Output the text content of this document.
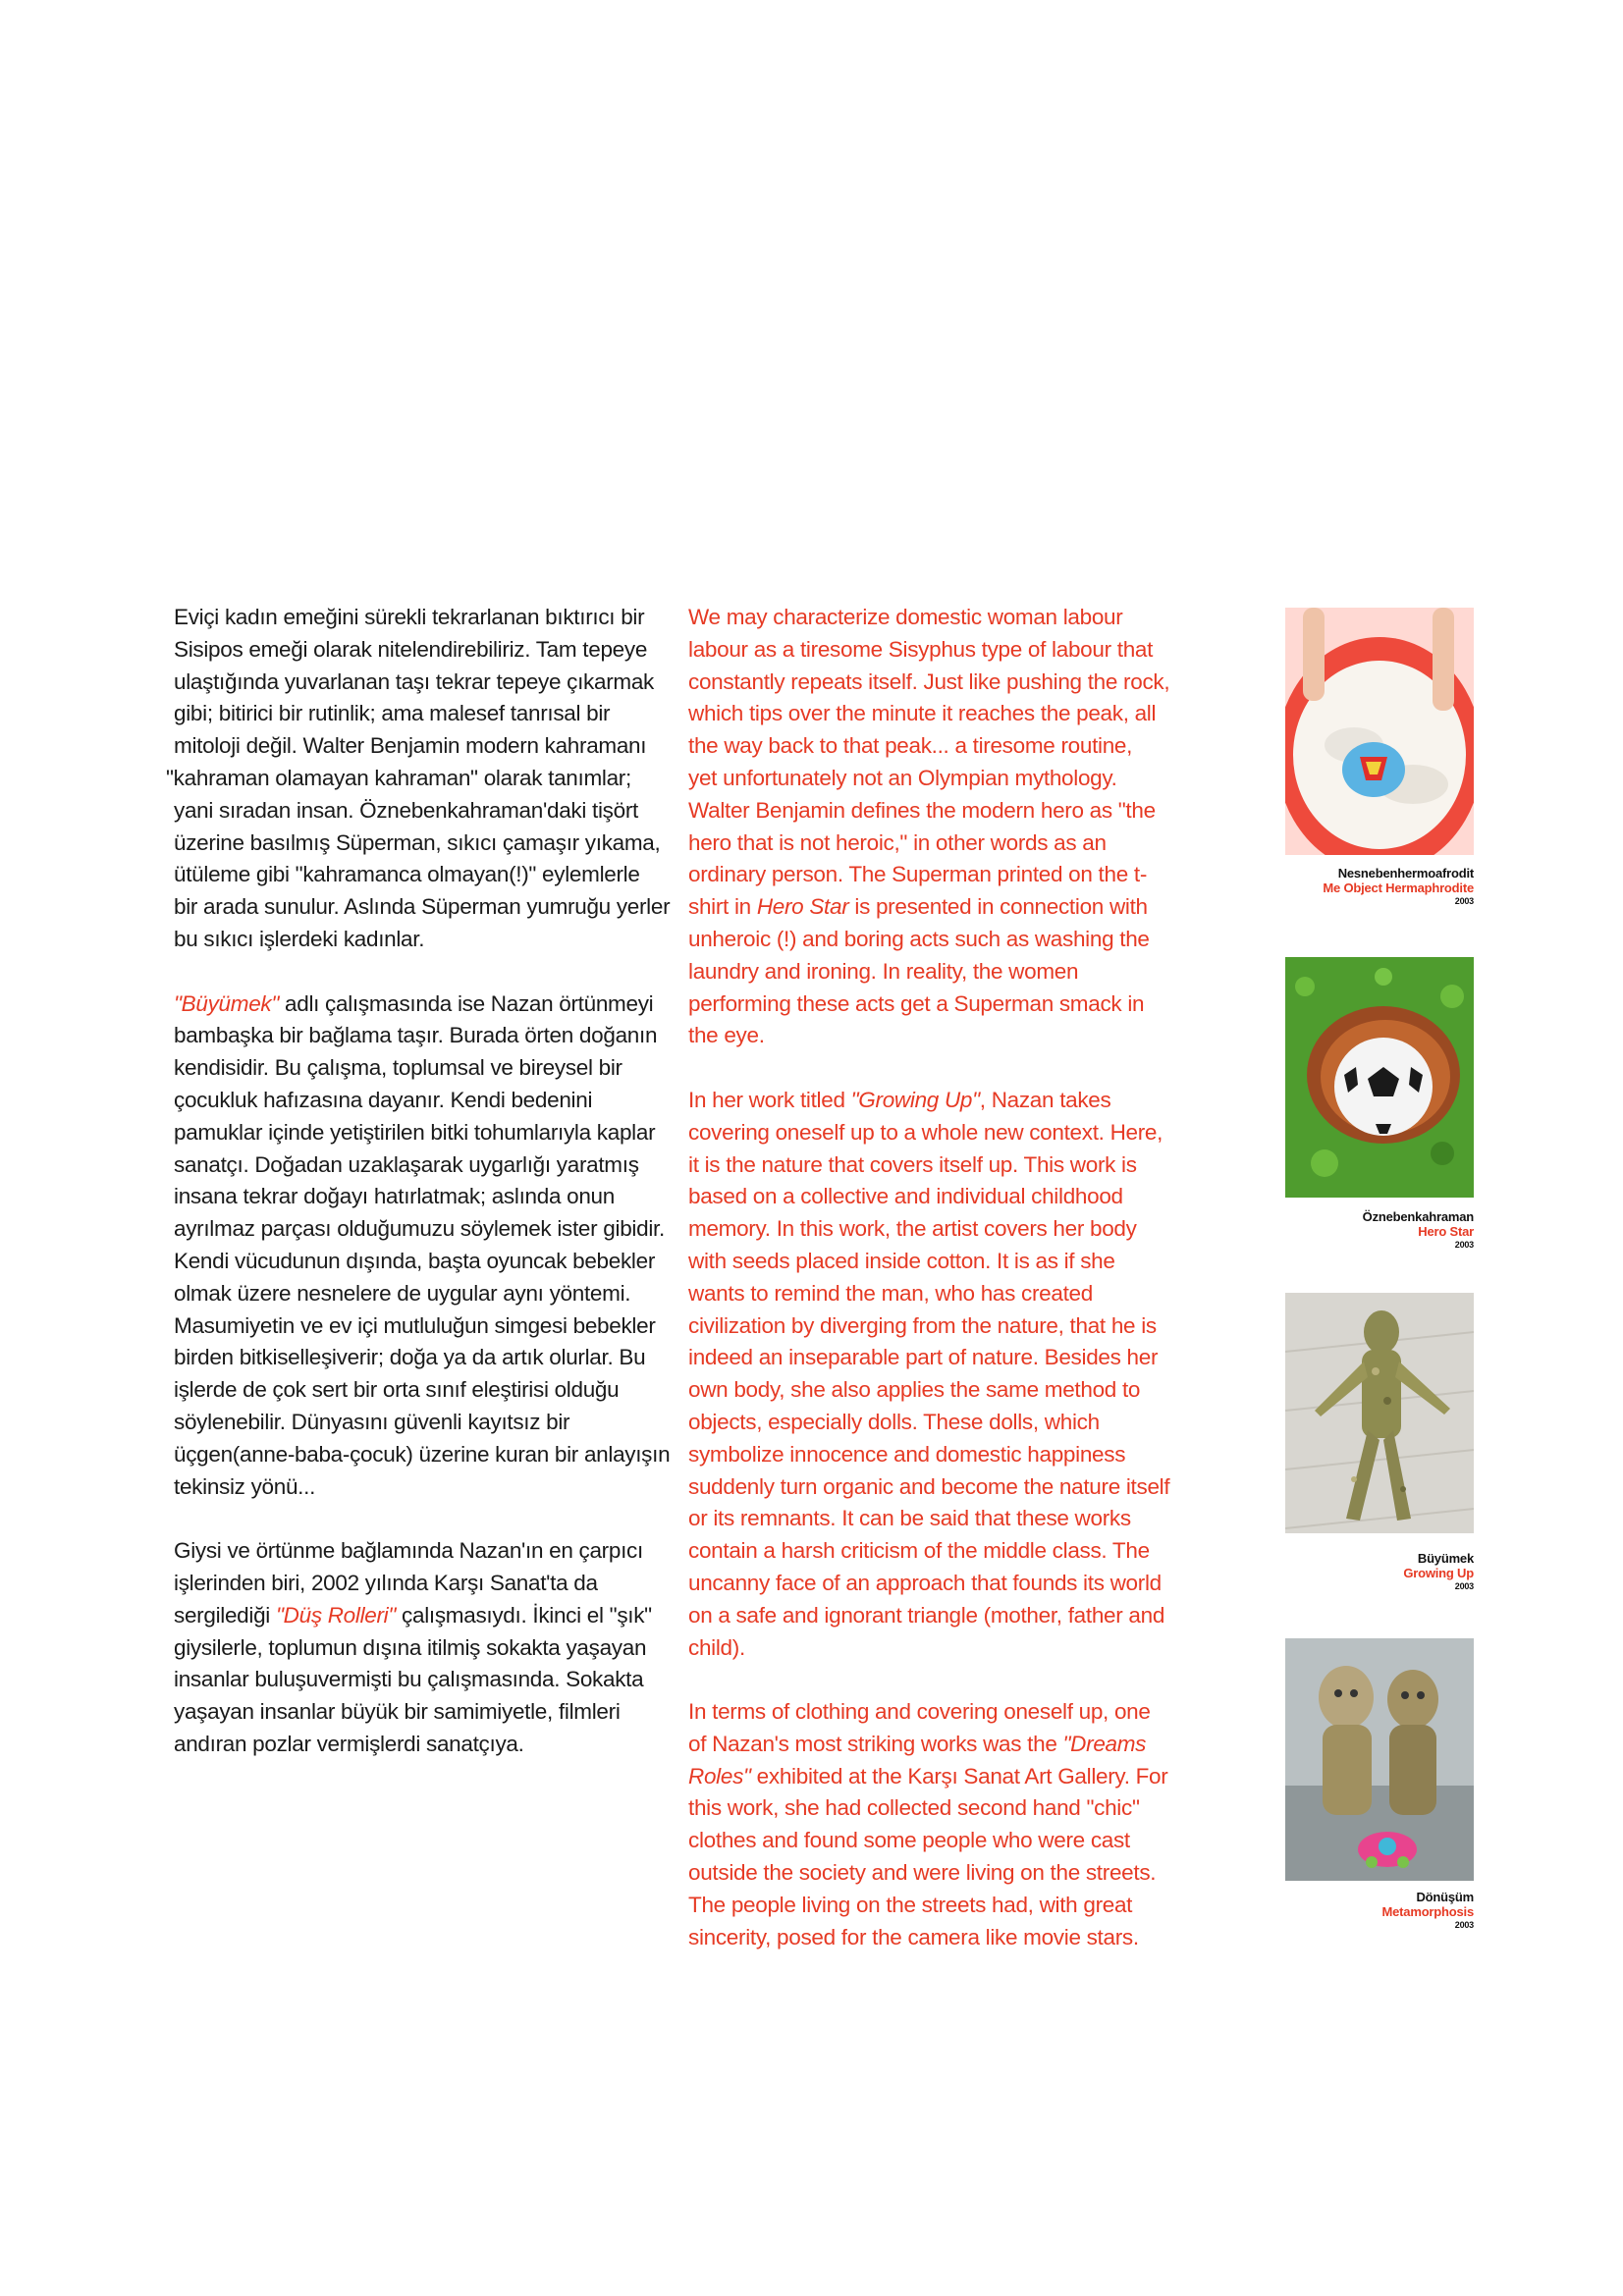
Eviçi kadın emeğini sürekli tekrarlanan bıktırıcı bir

Sisipos emeği olarak nitelendirebiliriz. Tam tepeye

ulaştığında yuvarlanan taşı tekrar tepeye çıkarmak

gibi; bitirici bir rutinlik; ama malesef tanrısal bir

mitoloji değil. Walter Benjamin modern kahramanı

"kahraman olamayan kahraman" olarak tanımlar;

yani sıradan insan. Öznebenkahraman'daki tişört

üzerine basılmış Süperman, sıkıcı çamaşır yıkama,

ütüleme gibi "kahramanca olmayan(!)" eylemlerle

bir arada sunulur. Aslında Süperman yumruğu yerler

bu sıkıcı işlerdeki kadınlar.

"Büyümek" adlı çalışmasında ise Nazan örtünmeyi

bambaşka bir bağlama taşır. Burada örten doğanın

kendisidir. Bu çalışma, toplumsal ve bireysel bir

çocukluk hafızasına dayanır. Kendi bedenini

pamuklar içinde yetiştirilen bitki tohumlarıyla kaplar

sanatçı. Doğadan uzaklaşarak uygarlığı yaratmış

insana tekrar doğayı hatırlatmak; aslında onun

ayrılmaz parçası olduğumuzu söylemek ister gibidir.

Kendi vücudunun dışında, başta oyuncak bebekler

olmak üzere nesnelere de uygular aynı yöntemi.

Masumiyetin ve ev içi mutluluğun simgesi bebekler

birden bitkiselleşiverir; doğa ya da artık olurlar. Bu

işlerde de çok sert bir orta sınıf eleştirisi olduğu

söylenebilir. Dünyasını güvenli kayıtsız bir

üçgen(anne-baba-çocuk) üzerine kuran bir anlayışın

tekinsiz yönü...

Giysi ve örtünme bağlamında Nazan'ın en çarpıcı

işlerinden biri, 2002 yılında Karşı Sanat'ta da

sergilediği "Düş Rolleri" çalışmasıydı. İkinci el "şık"

giysilerle, toplumun dışına itilmiş sokakta yaşayan

insanlar buluşuvermişti bu çalışmasında. Sokakta

yaşayan insanlar büyük bir samimiyetle, filmleri

andıran pozlar vermişlerdi sanatçıya.

We may characterize domestic woman labour

labour as a tiresome Sisyphus type of labour that

constantly repeats itself. Just like pushing the rock,

which tips over the minute it reaches the peak, all

the way back to that peak... a tiresome routine,

yet unfortunately not an Olympian mythology.

Walter Benjamin defines the modern hero as "the

hero that is not heroic," in other words as an

ordinary person. The Superman printed on the t-

shirt in Hero Star is presented in connection with

unheroic (!) and boring acts such as washing the

laundry and ironing. In reality, the women

performing these acts get a Superman smack in

the eye.

In her work titled "Growing Up", Nazan takes

covering oneself up to a whole new context. Here,

it is the nature that covers itself up. This work is

based on a collective and individual childhood

memory. In this work, the artist covers her body

with seeds placed inside cotton. It is as if she

wants to remind the man, who has created

civilization by diverging from the nature, that he is

indeed an inseparable part of nature. Besides her

own body, she also applies the same method to

objects, especially dolls. These dolls, which

symbolize innocence and domestic happiness

suddenly turn organic and become the nature itself

or its remnants. It can be said that these works

contain a harsh criticism of the middle class. The

uncanny face of an approach that founds its world

on a safe and ignorant triangle (mother, father and

child).

In terms of clothing and covering oneself up, one

of Nazan's most striking works was the "Dreams

Roles" exhibited at the Karşı Sanat Art Gallery. For

this work, she had collected second hand "chic"

clothes and found some people who were cast

outside the society and were living on the streets.

The people living on the streets had, with great

sincerity, posed for the camera like movie stars.

Nesnebenhermoafrodit
Me Object Hermaphrodite
2003
Öznebenkahraman
Hero Star
2003
Büyümek
Growing Up
2003
Dönüşüm
Metamorphosis
2003
